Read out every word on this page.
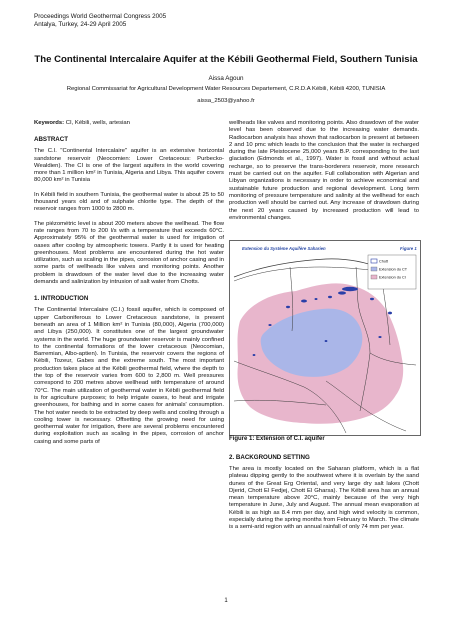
Proceedings World Geothermal Congress 2005
Antalya, Turkey, 24-29 April 2005
The Continental Intercalaire Aquifer at the Kébili Geothermal Field, Southern Tunisia
Aissa Agoun
Regional Commissariat for Agricultural Development Water Resources Departement, C.R.D.A Kébili, Kébili 4200, TUNISIA
aissa_2503@yahoo.fr

Keywords: CI, Kébili, wells, artesian

ABSTRACT

The C.I. "Continental Intercalaire" aquifer is an extensive horizontal sandstone reservoir (Neocomien: Lower Cretaceous: Purbecko-Wealdien). The CI is one of the largest aquifers in the world covering more than 1 million km² in Tunisia, Algeria and Libya. This aquifer covers 80,000 km² in Tunisia

In Kébili field in southern Tunisia, the geothermal water is about 25 to 50 thousand years old and of sulphate chlorite type. The depth of the reservoir ranges from 1000 to 2800 m.

The piézométric level is about 200 meters above the wellhead. The flow rate ranges from 70 to 200 l/s with a temperature that exceeds 60°C. Approximately 95% of the geothermal water is used for irrigation of oases after cooling by atmospheric towers. Partly it is used for heating greenhouses. Most problems are encountered during the hot water utilization, such as scaling in the pipes, corrosion of anchor casing and in some parts of wellheads like valves and monitoring points. Another problem is drawdown of the water level due to the increasing water demands and salinization by intrusion of salt water from Chotts.

1. INTRODUCTION

The Continental Intercalaire (C.I.) fossil aquifer, which is composed of upper Carboniferous to Lower Cretaceous sandstone, is present beneath an area of 1 Million km² in Tunisia (80,000), Algeria (700,000) and Libya (250,000). It constitutes one of the largest groundwater systems in the world. The huge groundwater reservoir is mainly confined to the continental formations of the lower cretaceous (Neocomian, Barremian, Albo-aptien). In Tunisia, the reservoir covers the regions of Kébili, Tozeur, Gabes and the extreme south. The most important production takes place at the Kébili geothermal field, where the depth to the top of the reservoir varies from 600 to 2,800 m. Well pressures correspond to 200 metres above wellhead with temperature of around 70°C. The main utilization of geothermal water in Kébili geothermal field is for agriculture purposes; to help irrigate oases, to heat and irrigate greenhouses, for bathing and in some cases for animals' consumption. The hot water needs to be extracted by deep wells and cooling through a cooling tower is necessary. Offsetting the growing need for using geothermal water for irrigation, there are several problems encountered during exploitation such as scaling in the pipes, corrosion of anchor casing and some parts of

wellheads like valves and monitoring points. Also drawdown of the water level has been observed due to the increasing water demands. Radiocarbon analysis has shown that radiocarbon is present at between 2 and 10 pmc which leads to the conclusion that the water is recharged during the late Pleistocene 25,000 years B.P. corresponding to the last glaciation (Edmonds et al., 1997). Water is fossil and without actual recharge, so to preserve the trans-borderers reservoir, more research must be carried out on the aquifer. Full collaboration with Algerian and Libyan organizations is necessary in order to achieve economical and sustainable future production and regional development. Long term monitoring of pressure temperature and salinity at the wellhead for each production well should be carried out. Any increase of drawdown during the next 20 years caused by increased production will lead to environmental changes.

Extension du Système Aquifère Saharien	Figure 1
Chott
Extension du CT
Extension du CI
Figure 1: Extension of C.I. aquifer
2. BACKGROUND SETTING

The area is mostly located on the Saharan platform, which is a flat plateau dipping gently to the southwest where it is overlain by the sand dunes of the Great Erg Oriental, and very large dry salt lakes (Chott Djerid, Chott El Fedjej, Chott El Gharsa). The Kébili area has an annual mean temperature above 20°C, mainly because of the very high temperature in June, July and August. The annual mean evaporation at Kébili is as high as 8.4 mm per day, and high wind velocity is common, especially during the spring months from February to March. The climate is a semi-arid region with an annual rainfall of only 74 mm per year.

1
